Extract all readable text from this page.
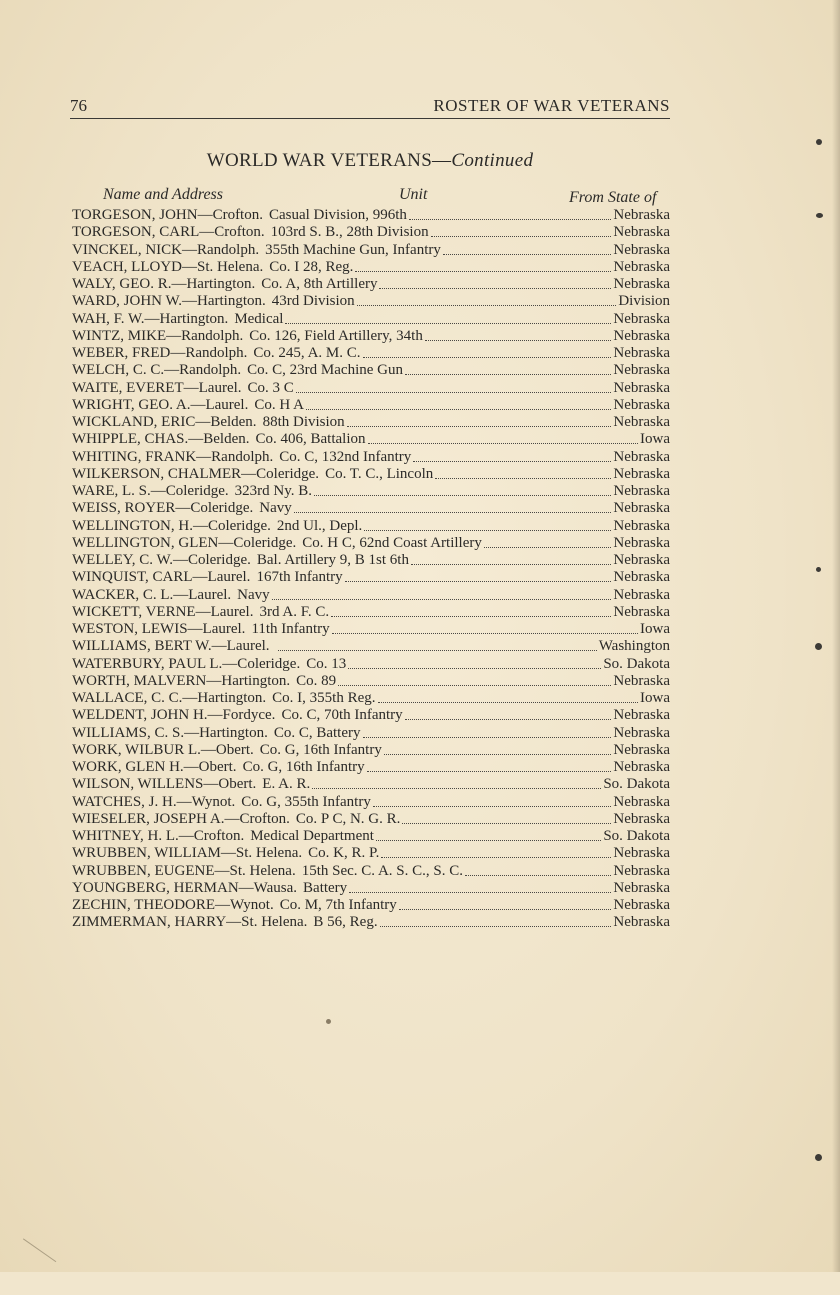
76	ROSTER OF WAR VETERANS
WORLD WAR VETERANS—Continued
Name and Address	Unit	From State of
TORGESON, JOHN—Crofton. Casual Division, 996th	Nebraska
TORGESON, CARL—Crofton. 103rd S. B., 28th Division	Nebraska
VINCKEL, NICK—Randolph. 355th Machine Gun, Infantry	Nebraska
VEACH, LLOYD—St. Helena. Co. I 28, Reg.	Nebraska
WALY, GEO. R.—Hartington. Co. A, 8th Artillery	Nebraska
WARD, JOHN W.—Hartington. 43rd Division	Division
WAH, F. W.—Hartington. Medical	Nebraska
WINTZ, MIKE—Randolph. Co. 126, Field Artillery, 34th	Nebraska
WEBER, FRED—Randolph. Co. 245, A. M. C.	Nebraska
WELCH, C. C.—Randolph. Co. C, 23rd Machine Gun	Nebraska
WAITE, EVERET—Laurel. Co. 3 C	Nebraska
WRIGHT, GEO. A.—Laurel. Co. H A	Nebraska
WICKLAND, ERIC—Belden. 88th Division	Nebraska
WHIPPLE, CHAS.—Belden. Co. 406, Battalion	Iowa
WHITING, FRANK—Randolph. Co. C, 132nd Infantry	Nebraska
WILKERSON, CHALMER—Coleridge. Co. T. C., Lincoln	Nebraska
WARE, L. S.—Coleridge. 323rd Ny. B.	Nebraska
WEISS, ROYER—Coleridge. Navy	Nebraska
WELLINGTON, H.—Coleridge. 2nd Ul., Depl.	Nebraska
WELLINGTON, GLEN—Coleridge. Co. H C, 62nd Coast Artillery	Nebraska
WELLEY, C. W.—Coleridge. Bal. Artillery 9, B 1st 6th	Nebraska
WINQUIST, CARL—Laurel. 167th Infantry	Nebraska
WACKER, C. L.—Laurel. Navy	Nebraska
WICKETT, VERNE—Laurel. 3rd A. F. C.	Nebraska
WESTON, LEWIS—Laurel. 11th Infantry	Iowa
WILLIAMS, BERT W.—Laurel.	Washington
WATERBURY, PAUL L.—Coleridge. Co. 13	So. Dakota
WORTH, MALVERN—Hartington. Co. 89	Nebraska
WALLACE, C. C.—Hartington. Co. I, 355th Reg.	Iowa
WELDENT, JOHN H.—Fordyce. Co. C, 70th Infantry	Nebraska
WILLIAMS, C. S.—Hartington. Co. C, Battery	Nebraska
WORK, WILBUR L.—Obert. Co. G, 16th Infantry	Nebraska
WORK, GLEN H.—Obert. Co. G, 16th Infantry	Nebraska
WILSON, WILLENS—Obert. E. A. R.	So. Dakota
WATCHES, J. H.—Wynot. Co. G, 355th Infantry	Nebraska
WIESELER, JOSEPH A.—Crofton. Co. P C, N. G. R.	Nebraska
WHITNEY, H. L.—Crofton. Medical Department	So. Dakota
WRUBBEN, WILLIAM—St. Helena. Co. K, R. P.	Nebraska
WRUBBEN, EUGENE—St. Helena. 15th Sec. C. A. S. C., S. C.	Nebraska
YOUNGBERG, HERMAN—Wausa. Battery	Nebraska
ZECHIN, THEODORE—Wynot. Co. M, 7th Infantry	Nebraska
ZIMMERMAN, HARRY—St. Helena. B 56, Reg.	Nebraska
